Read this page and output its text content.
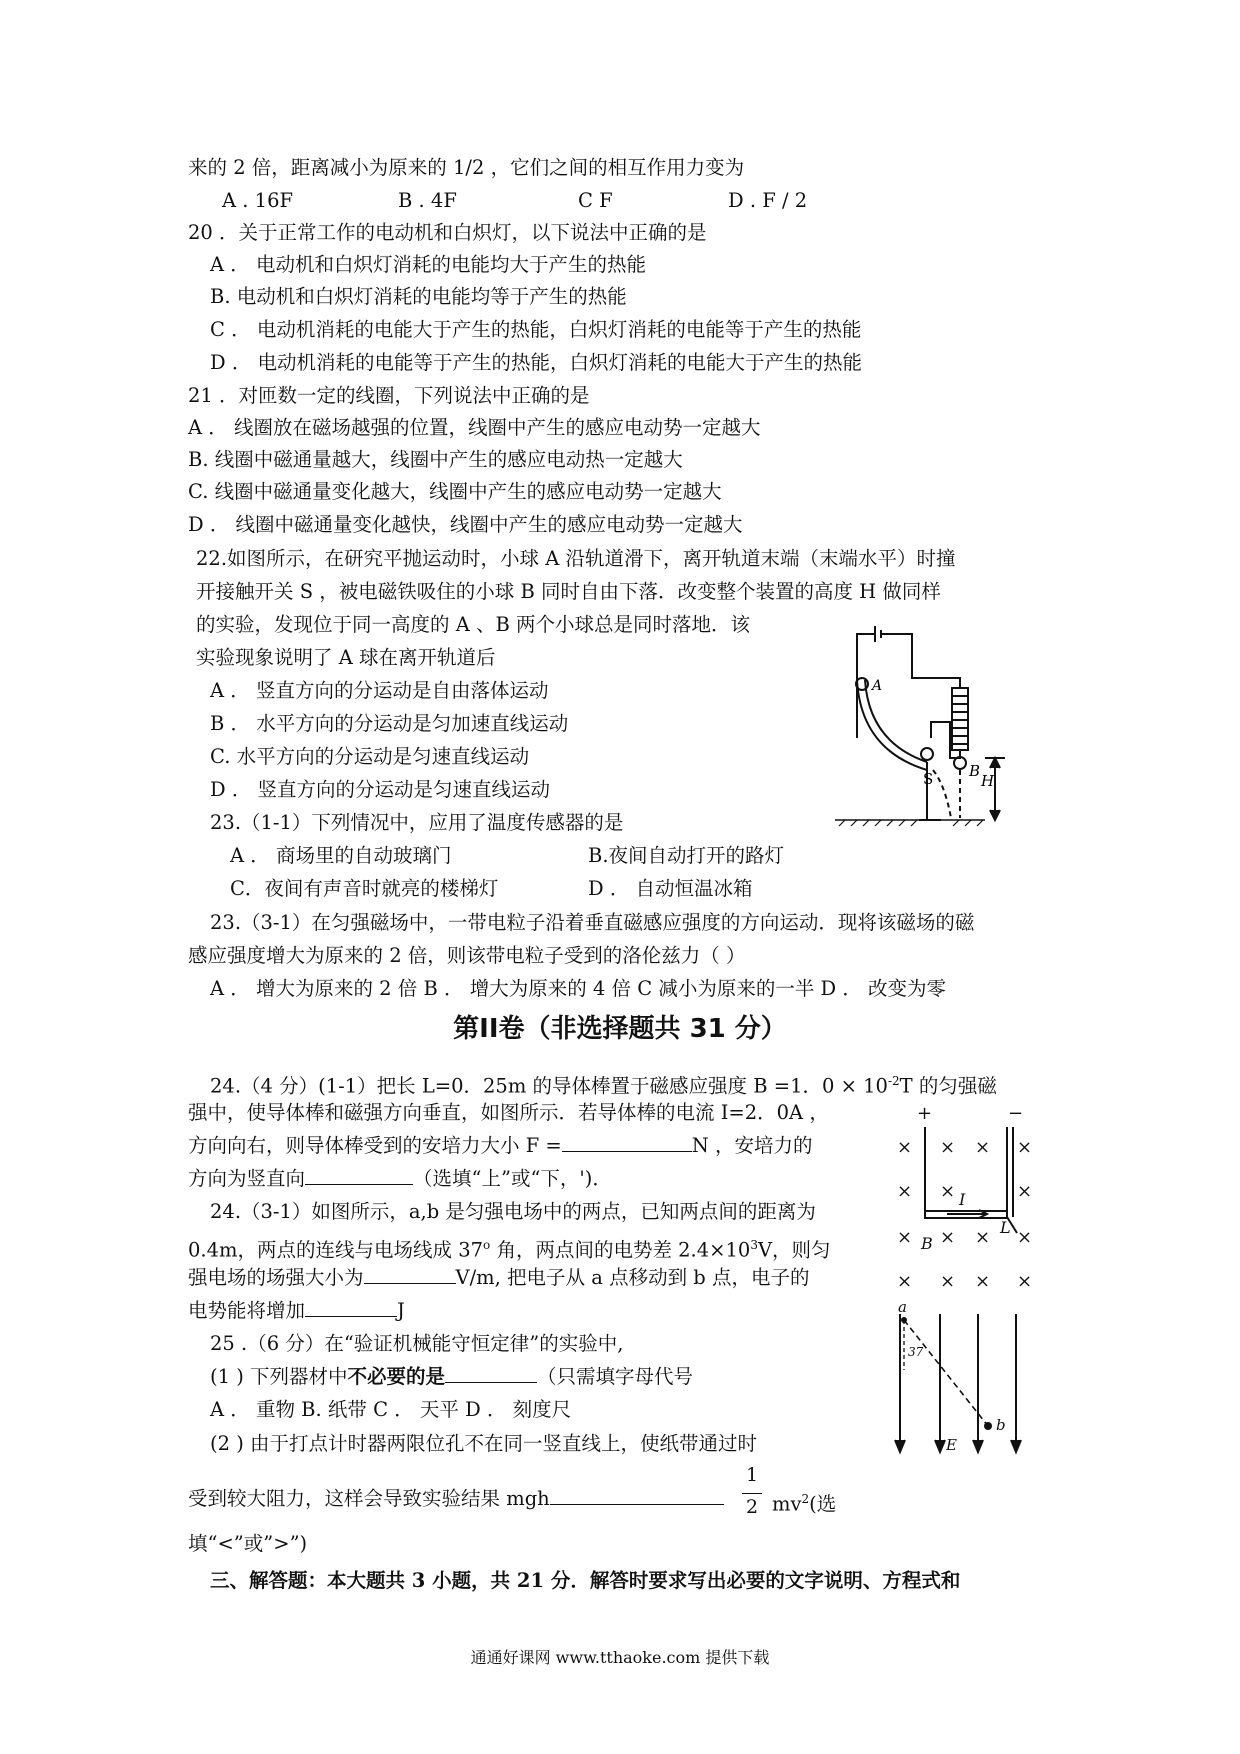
来的 2 倍，距离减小为原来的 1/2 ，它们之间的相互作用力变为
A . 16F	B . 4F	C F	D . F / 2
20 ．关于正常工作的电动机和白炽灯，以下说法中正确的是
A ． 电动机和白炽灯消耗的电能均大于产生的热能
B. 电动机和白炽灯消耗的电能均等于产生的热能
C ． 电动机消耗的电能大于产生的热能，白炽灯消耗的电能等于产生的热能
D ． 电动机消耗的电能等于产生的热能，白炽灯消耗的电能大于产生的热能
21 ．对匝数一定的线圈，下列说法中正确的是
A ． 线圈放在磁场越强的位置，线圈中产生的感应电动势一定越大
B. 线圈中磁通量越大，线圈中产生的感应电动热一定越大
C. 线圈中磁通量变化越大，线圈中产生的感应电动势一定越大
D ． 线圈中磁通量变化越快，线圈中产生的感应电动势一定越大
22.如图所示，在研究平抛运动时，小球 A 沿轨道滑下，离开轨道末端（末端水平）时撞
开接触开关 S ，被电磁铁吸住的小球 B 同时自由下落．改变整个装置的高度 H 做同样
的实验，发现位于同一高度的 A 、B 两个小球总是同时落地．该
实验现象说明了 A 球在离开轨道后
A ． 竖直方向的分运动是自由落体运动
B ． 水平方向的分运动是匀加速直线运动
C. 水平方向的分运动是匀速直线运动
D ． 竖直方向的分运动是匀速直线运动
A
S B
H
23.（1-1）下列情况中，应用了温度传感器的是
A ． 商场里的自动玻璃门	B.夜间自动打开的路灯
C．夜间有声音时就亮的楼梯灯	D ． 自动恒温冰箱
23.（3-1）在匀强磁场中，一带电粒子沿着垂直磁感应强度的方向运动．现将该磁场的磁
感应强度增大为原来的 2 倍，则该带电粒子受到的洛伦兹力（ ）
A ． 增大为原来的 2 倍 B ． 增大为原来的 4 倍 C 减小为原来的一半 D ． 改变为零
第II卷（非选择题共 31 分）
24.（4 分）(1-1）把长 L=0．25m 的导体棒置于磁感应强度 B =1．$0 \times 10^{-2}T$ 的匀强磁
强中，使导体棒和磁强方向垂直，如图所示．若导体棒的电流 I=2．0A ，
方向向右，则导体棒受到的安培力大小 F =	N ，安培力的
方向为竖直向	（选填“上”或“下，')．
+	−
× × × ×
× ×	×
× × × ×
× × × ×
I
L
B
24.（3-1）如图所示，a,b 是匀强电场中的两点，已知两点间的距离为
0.4m，两点的连线与电场线成 37$^o$ 角，两点间的电势差 $2.4\times 10^3V$，则匀
强电场的场强大小为	V/m, 把电子从 a 点移动到 b 点，电子的
电势能将增加	J	a
b
37
E
25 .（6 分）在“验证机械能守恒定律”的实验中,
(1 ) 下列器材中不必要的是	（只需填字母代号
A ． 重物 B. 纸带 C ． 天平 D ． 刻度尺
(2 ) 由于打点计时器两限位孔不在同一竖直线上，使纸带通过时
受到较大阻力，这样会导致实验结果 mgh
1
2 $mv^2$(选
填“<”或”>”)
三、解答题：本大题共 3 小题，共 21 分．解答时要求写出必要的文字说明、方程式和
通通好课网 www.tthaoke.com 提供下载
